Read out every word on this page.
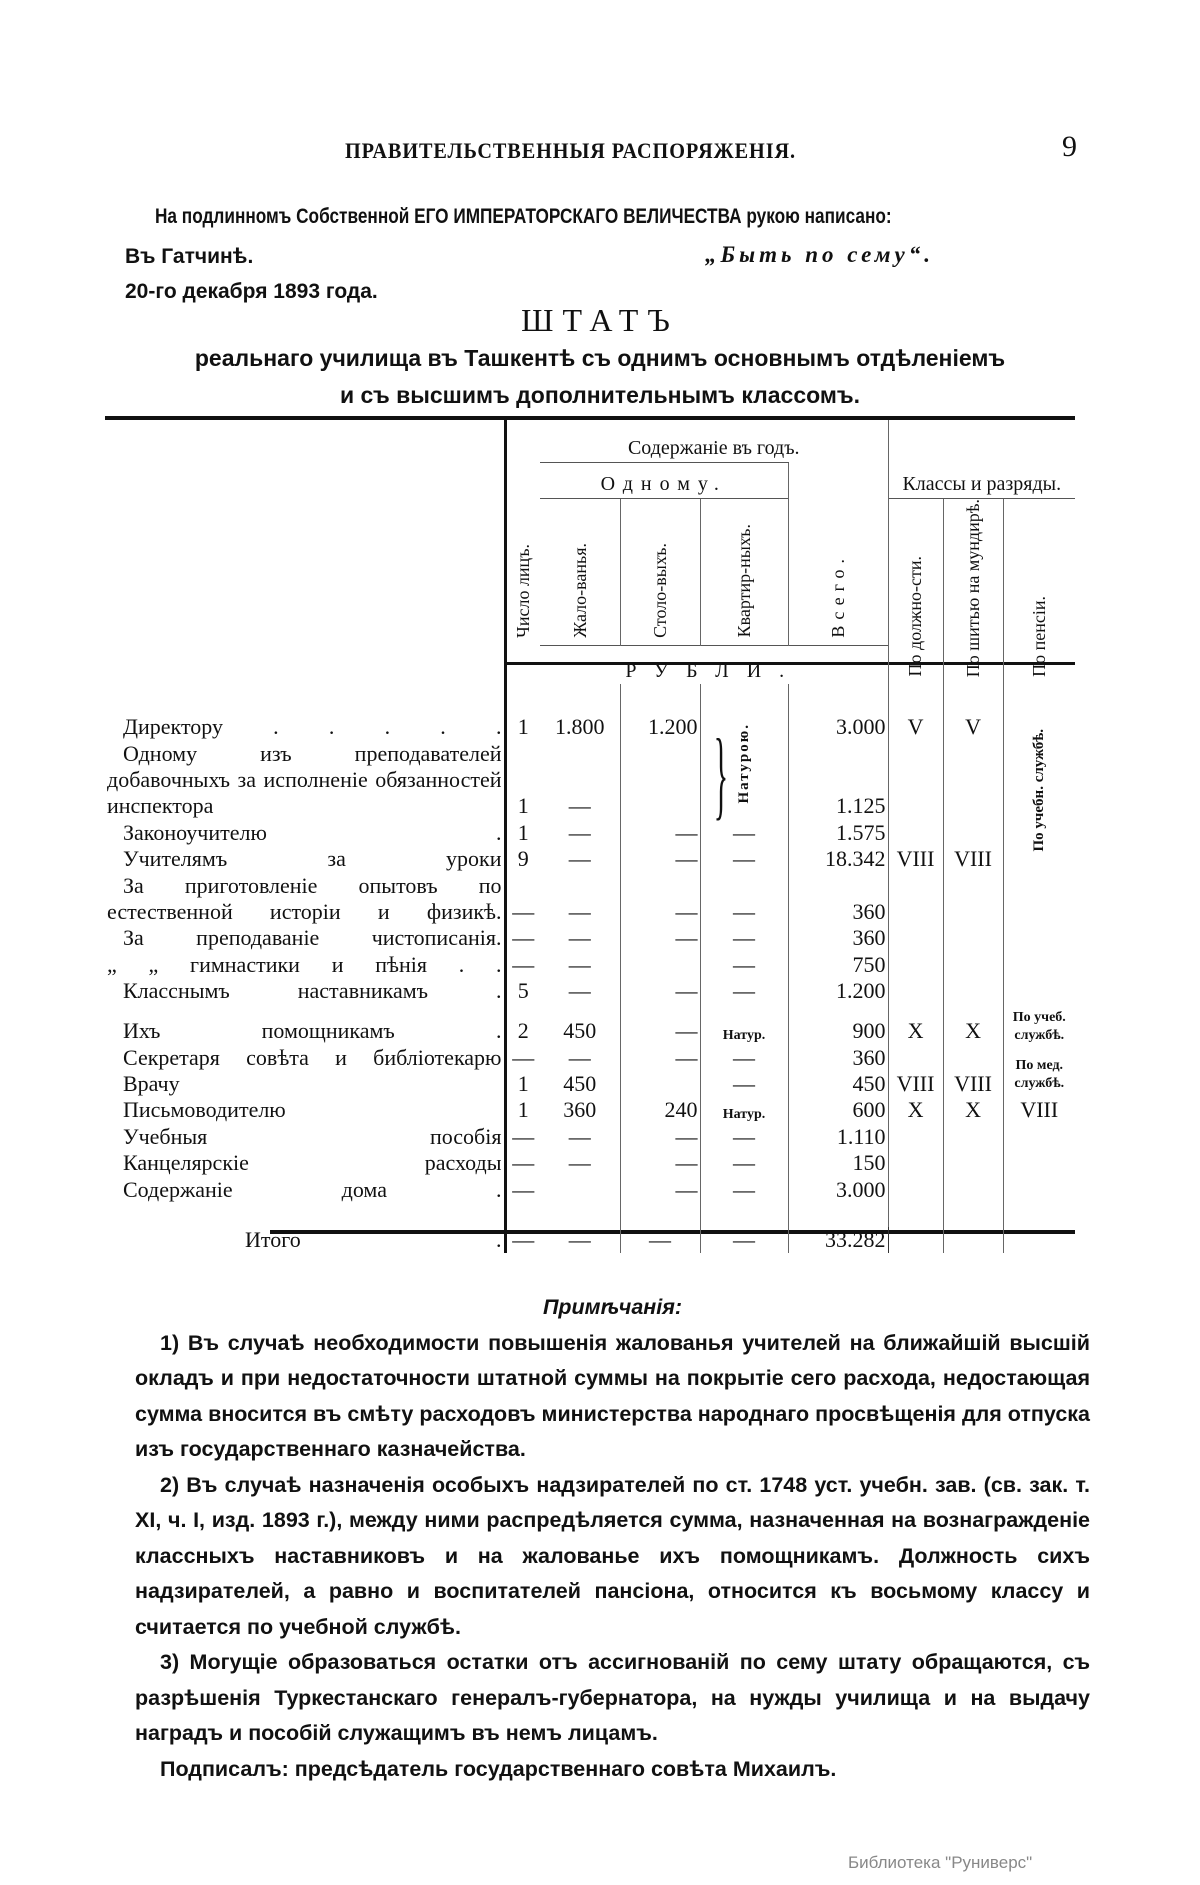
ПРАВИТЕЛЬСТВЕННЫЯ РАСПОРЯЖЕНІЯ.	9
На подлинномъ Собственной ЕГО ИМПЕРАТОРСКАГО ВЕЛИЧЕСТВА рукою написано:
Въ Гатчинѣ.
20-го декабря 1893 года.
„Быть по сему“.
ШТАТЪ
реальнаго училища въ Ташкентѣ съ однимъ основнымъ отдѣленіемъ
и съ высшимъ дополнительнымъ классомъ.
	Число лицъ.	Содержаніе въ годъ.				Классы и разряды.		
		Одному.			Всего.			
		Жало-ванья.	Столо-выхъ.	Квартир-ныхъ.		По должно-сти.	По шитью на мундирѣ.	По пенсіи.
		РУБЛИ.						

Директору . . . . .	1	1.800	1.200	} Натурою.	3.000	V	V	По учебн. службѣ.
Одному изъ преподавателей добавочныхъ за исполненіе обязанностей инспектора	1	—			1.125			
Законоучителю .	1	—	—	—	1.575			
Учителямъ за уроки	9	—	—	—	18.342	VIII	VIII	
За приготовленіе опытовъ по естественной исторіи и физикѣ.	—	—	—	—	360			
За преподаваніе чистописанія.	—	—	—	—	360			
„ „ гимнастики и пѣнія . .	—	—		—	750			
Класснымъ наставникамъ .	5	—	—	—	1.200			
Ихъ помощникамъ .	2	450	—	Натур.	900	X	X	По учеб. службѣ.
Секретаря совѣта и библіотекарю	—	—	—	—	360			По мед. службѣ.
Врачу	1	450		—	450	VIII	VIII	
Письмоводителю	1	360	240	Натур.	600	X	X	VIII
Учебныя пособія	—	—	—	—	1.110			
Канцелярскіе расходы	—	—	—	—	150			
Содержаніе дома .	—		—	—	3.000			

Итого .	—	—	—	—	33.282			

Примѣчанія:

1) Въ случаѣ необходимости повышенія жалованья учителей на ближайшій высшій окладъ и при недостаточности штатной суммы на покрытіе сего расхода, недостающая сумма вносится въ смѣту расходовъ министерства народнаго просвѣщенія для отпуска изъ государственнаго казначейства.

2) Въ случаѣ назначенія особыхъ надзирателей по ст. 1748 уст. учебн. зав. (св. зак. т. XI, ч. I, изд. 1893 г.), между ними распредѣляется сумма, назначенная на вознагражденіе классныхъ наставниковъ и на жалованье ихъ помощникамъ. Должность сихъ надзирателей, а равно и воспитателей пансіона, относится къ восьмому классу и считается по учебной службѣ.

3) Могущіе образоваться остатки отъ ассигнованій по сему штату обращаются, съ разрѣшенія Туркестанскаго генералъ-губернатора, на нужды училища и на выдачу наградъ и пособій служащимъ въ немъ лицамъ.

Подписалъ: предсѣдатель государственнаго совѣта Михаилъ.

Библиотека "Руниверс"
